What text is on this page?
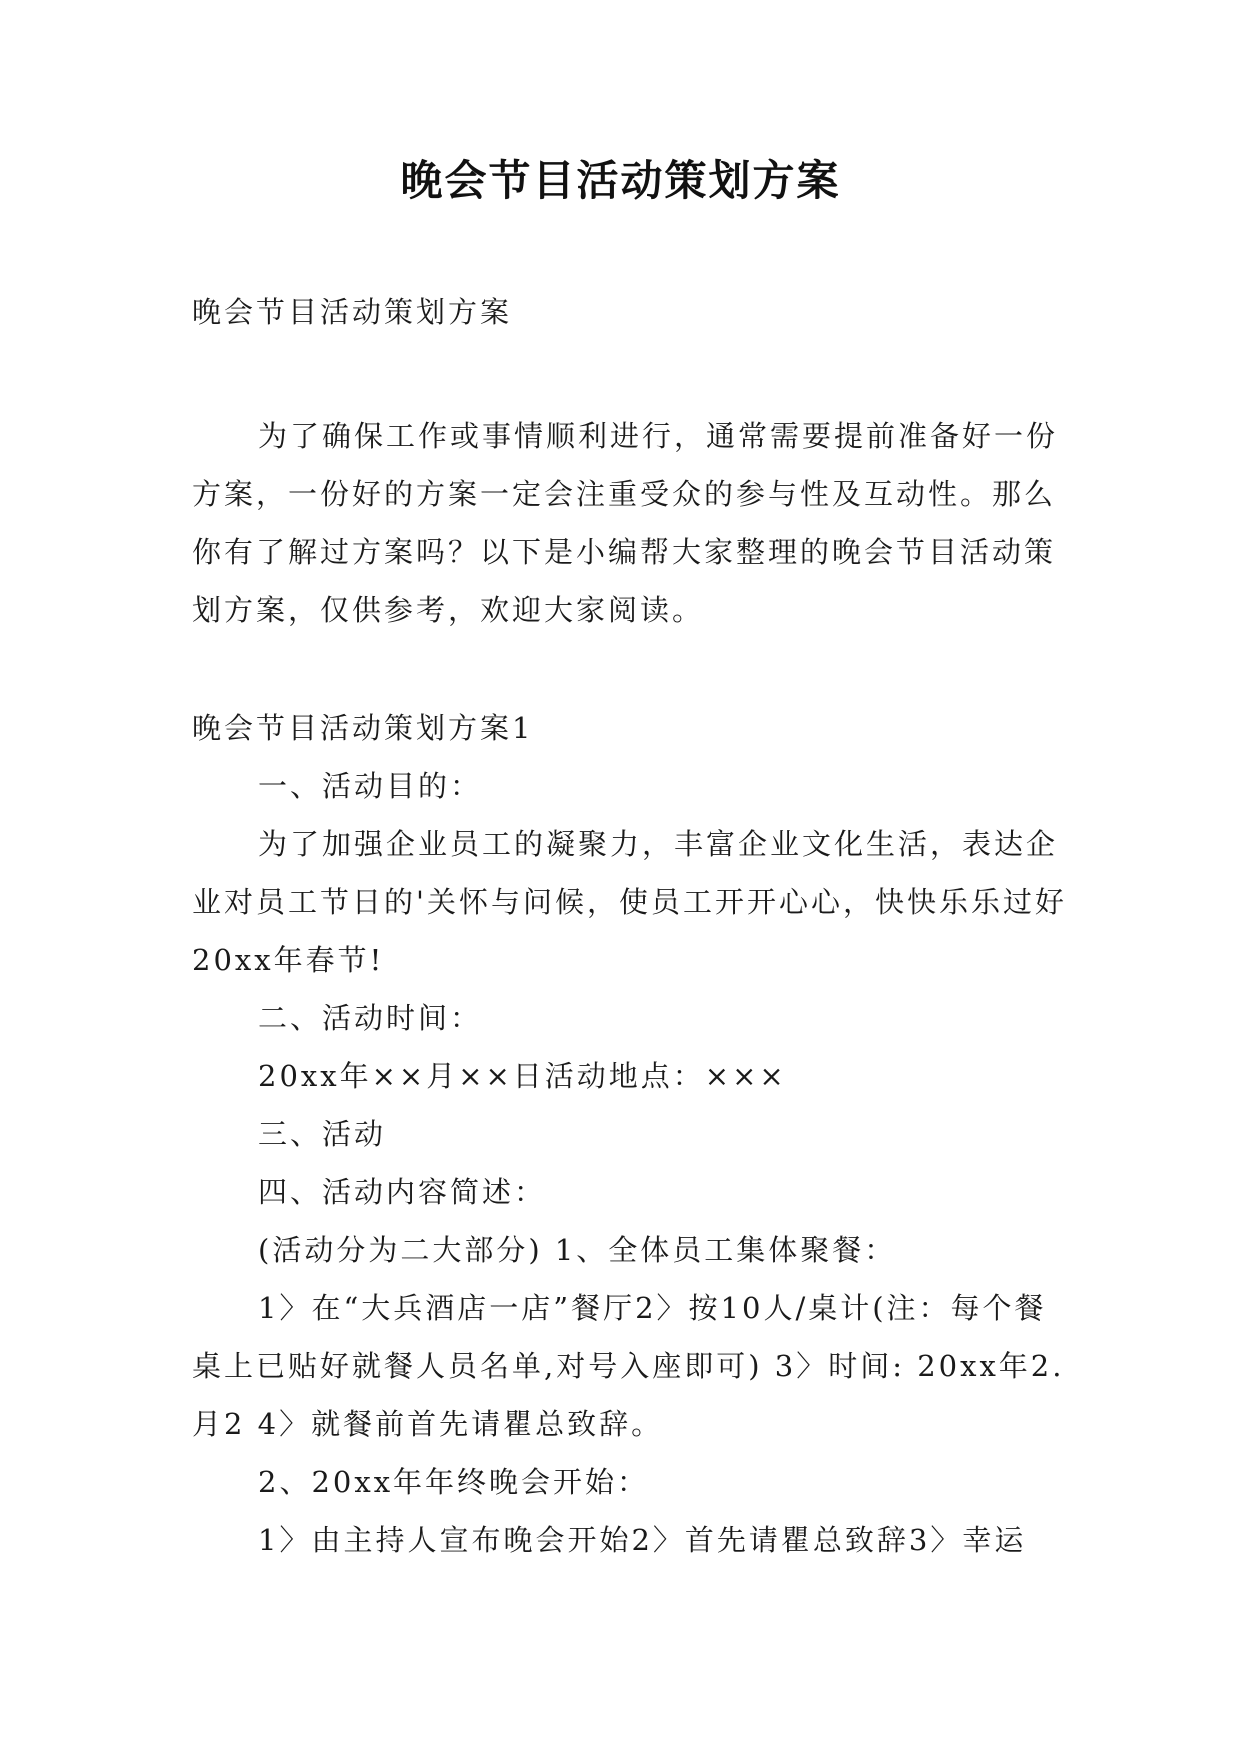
晚会节目活动策划方案
晚会节目活动策划方案
为了确保工作或事情顺利进行，通常需要提前准备好一份方案，一份好的方案一定会注重受众的参与性及互动性。那么你有了解过方案吗？以下是小编帮大家整理的晚会节目活动策划方案，仅供参考，欢迎大家阅读。

晚会节目活动策划方案1

一、活动目的：

为了加强企业员工的凝聚力，丰富企业文化生活，表达企业对员工节日的'关怀与问候，使员工开开心心，快快乐乐过好20xx年春节!

二、活动时间：

20xx年××月××日活动地点：×××

三、活动

四、活动内容简述：

(活动分为二大部分) 1、全体员工集体聚餐：

1〉在“大兵酒店一店”餐厅2〉按10人/桌计(注：每个餐桌上已贴好就餐人员名单,对号入座即可) 3〉时间: 20xx年2.月2 4〉就餐前首先请瞿总致辞。

2、20xx年年终晚会开始：

1〉由主持人宣布晚会开始2〉首先请瞿总致辞3〉幸运
